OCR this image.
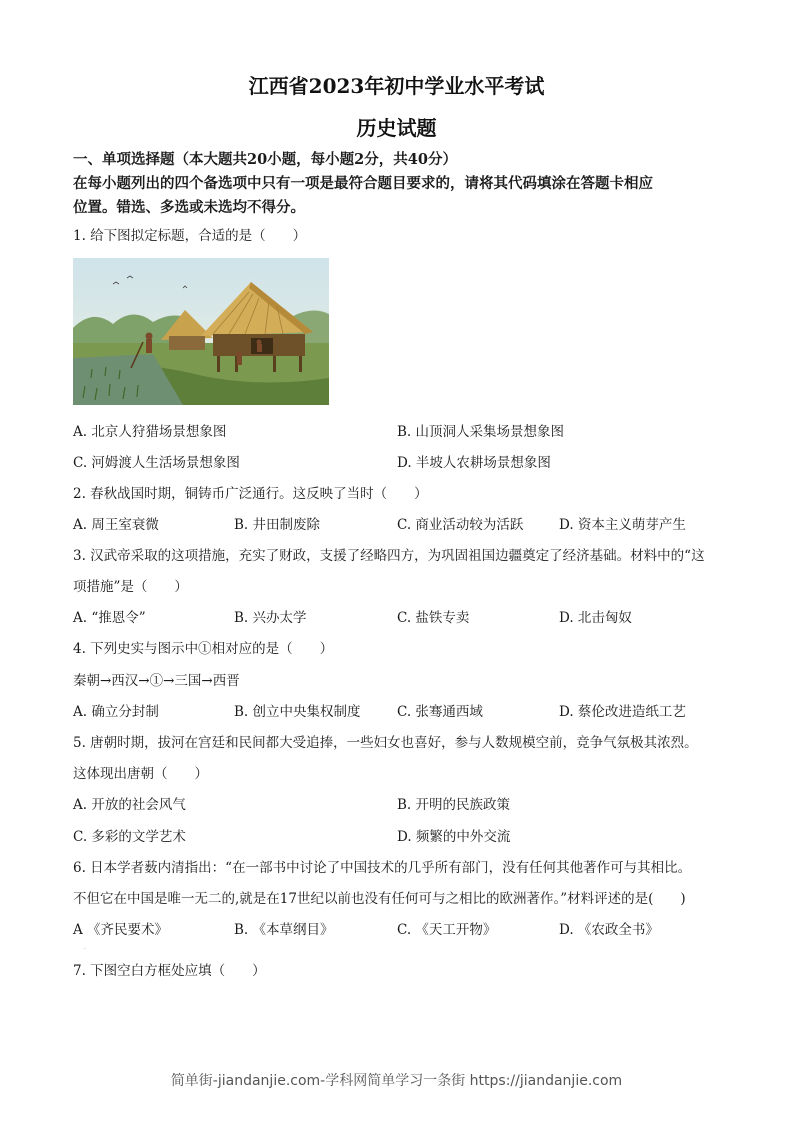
江西省2023年初中学业水平考试
历史试题
一、单项选择题（本大题共20小题，每小题2分，共40分）
在每小题列出的四个备选项中只有一项是最符合题目要求的，请将其代码填涂在答题卡相应
位置。错选、多选或未选均不得分。
1. 给下图拟定标题，合适的是（　　）
A. 北京人狩猎场景想象图	B. 山顶洞人采集场景想象图
C. 河姆渡人生活场景想象图	D. 半坡人农耕场景想象图
2. 春秋战国时期，铜铸币广泛通行。这反映了当时（　　）
A. 周王室衰微	B. 井田制废除	C. 商业活动较为活跃	D. 资本主义萌芽产生
3. 汉武帝采取的这项措施，充实了财政，支援了经略四方，为巩固祖国边疆奠定了经济基础。材料中的“这
项措施”是（　　）
A. “推恩令”	B. 兴办太学	C. 盐铁专卖	D. 北击匈奴
4. 下列史实与图示中①相对应的是（　　）
秦朝→西汉→①→三国→西晋
A. 确立分封制	B. 创立中央集权制度	C. 张骞通西域	D. 蔡伦改进造纸工艺
5. 唐朝时期，拔河在宫廷和民间都大受追捧，一些妇女也喜好，参与人数规模空前，竞争气氛极其浓烈。
这体现出唐朝（　　）
A. 开放的社会风气	B. 开明的民族政策
C. 多彩的文学艺术	D. 频繁的中外交流
6. 日本学者薮内清指出：“在一部书中讨论了中国技术的几乎所有部门，没有任何其他著作可与其相比。
不但它在中国是唯一无二的,就是在17世纪以前也没有任何可与之相比的欧洲著作。”材料评述的是(　　)
A 《齐民要术》	B. 《本草纲目》	C. 《天工开物》	D. 《农政全书》
·
7. 下图空白方框处应填（　　）
简单街-jiandanjie.com-学科网简单学习一条街 https://jiandanjie.com
